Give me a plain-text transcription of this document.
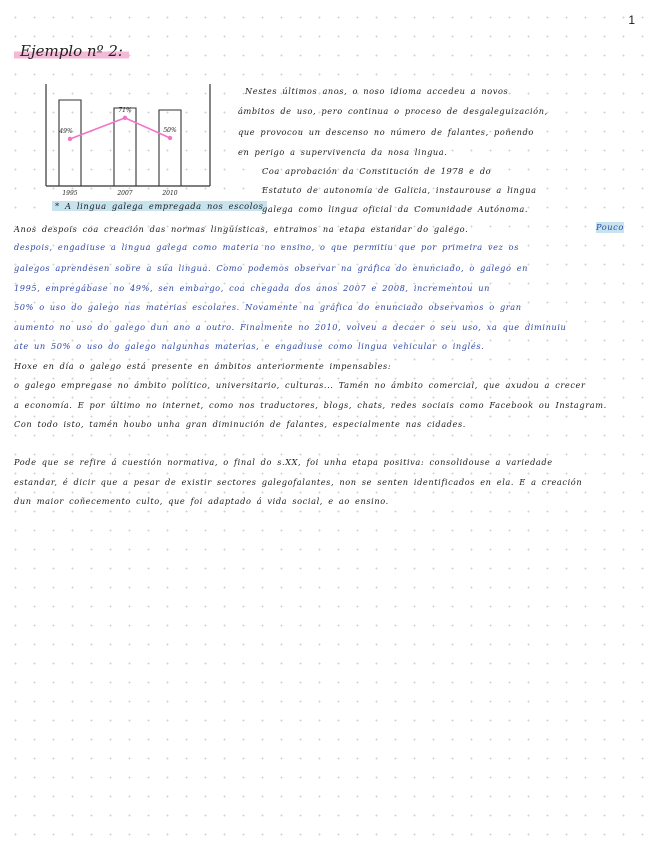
1
Ejemplo nº 2:
49%
71%
50%
1995	2007	2010
* A lingua galega empregada nos escolos
Nestes últimos anos, o noso idioma accedeu a novos
ámbitos de uso, pero continua o proceso de desgaleguización,
que provocou un descenso no número de falantes, poñendo
en perigo a supervivencia da nosa lingua.
Coa aprobación da Constitución de 1978 e do
Estatuto de autonomía de Galicia, instaurouse a lingua
galega como lingua oficial da Comunidade Autónoma.
Anos despois coa creación das normas lingüísticas, entramos na etapa estandar do galego.	Pouco
despois, engadiuse a lingua galega como materia no ensino, o que permitiu que por primeira vez os
galegos aprendesen sobre a súa lingua. Como podemos observar na gráfica do enunciado, o galego en
1995, empregábase no 49%, sen embargo, coa chegada dos anos 2007 e 2008, incrementou un
50% o uso do galego nas materias escolares. Novamente na gráfica do enunciado observamos o gran
aumento no uso do galego dun ano a outro. Finalmente no 2010, volveu a decaer o seu uso, xa que diminuiu
ate un 50% o uso do galego nalgunhas materias, e engadiuse como lingua vehicular o inglés.
Hoxe en día o galego está presente en ámbitos anteriormente impensables:
o galego empregase no ámbito político, universitario, culturas... Tamén no ámbito comercial, que axudou a crecer
a economía. E por último no internet, como nos traductores, blogs, chats, redes sociais como Facebook ou Instagram.
Con todo isto, tamén houbo unha gran diminución de falantes, especialmente nas cidades.
Pode que se refire á cuestión normativa, o final do s.XX, foi unha etapa positiva: consolidouse a variedade
estandar, é dicir que a pesar de existir sectores galegofalantes, non se senten identificados en ela. E a creación
dun maior coñecemento culto, que foi adaptado á vida social, e ao ensino.
